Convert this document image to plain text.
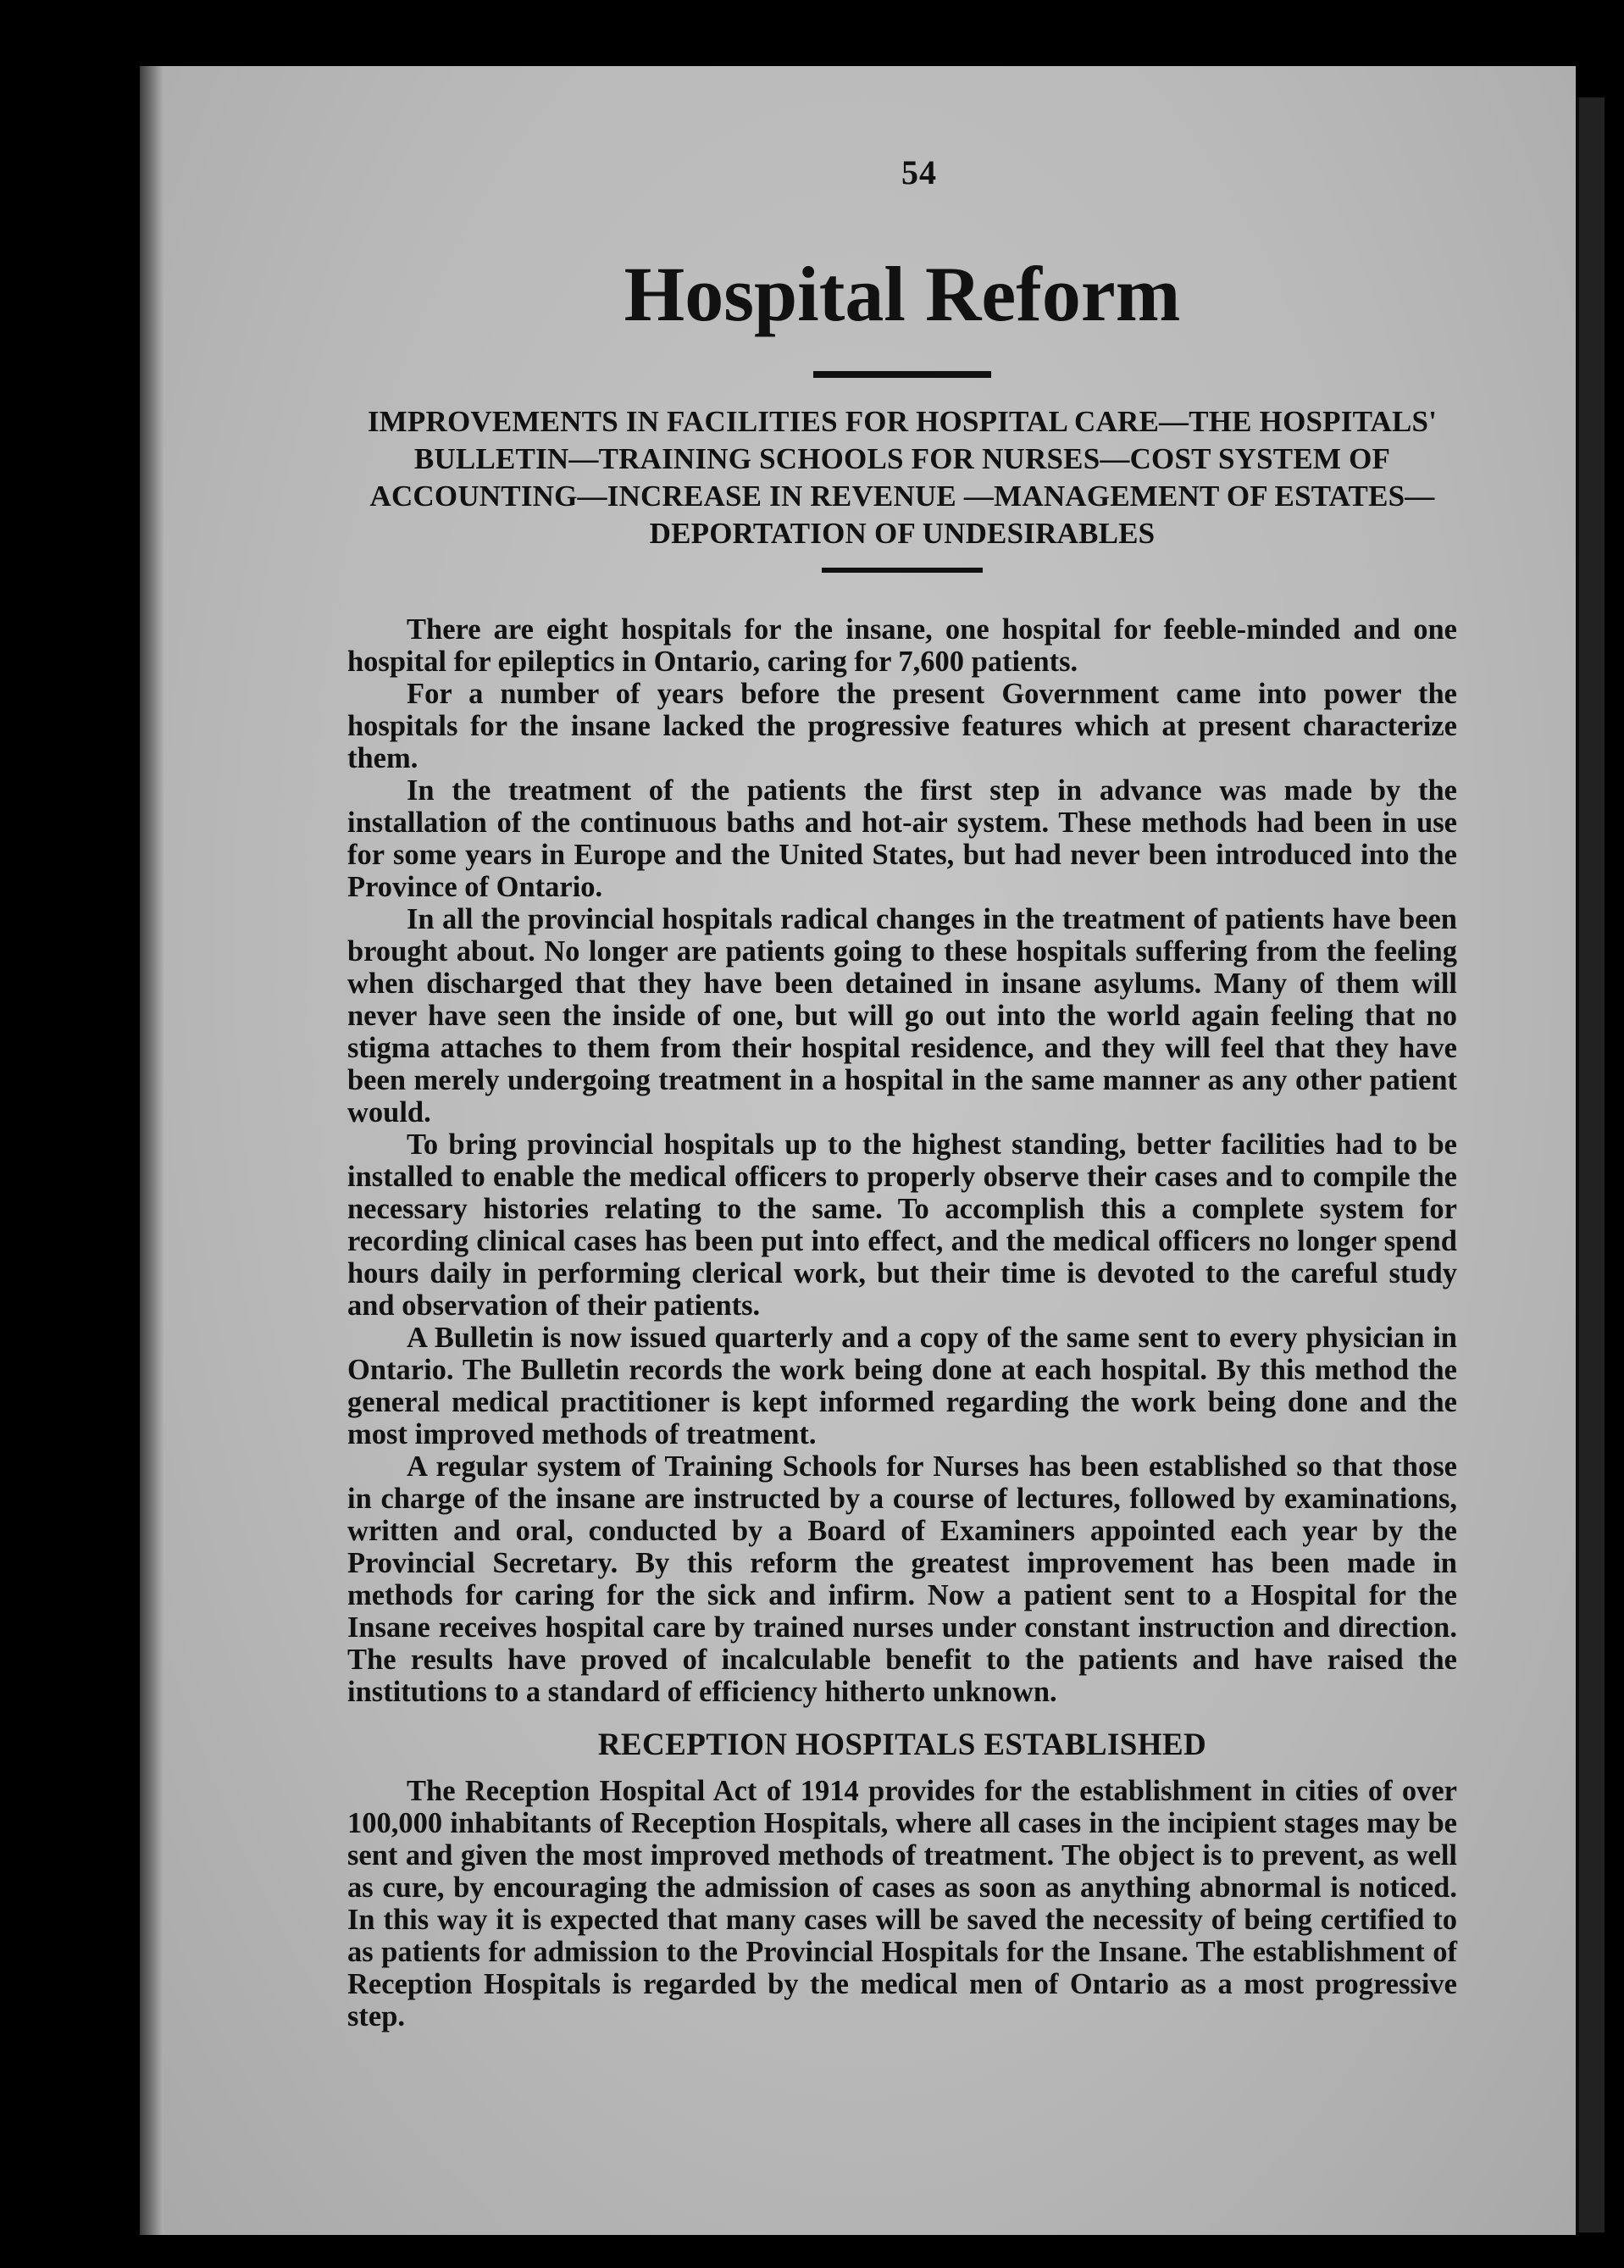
54
Hospital Reform
IMPROVEMENTS IN FACILITIES FOR HOSPITAL CARE—THE HOSPITALS' BULLETIN—TRAINING SCHOOLS FOR NURSES—COST SYSTEM OF ACCOUNTING—INCREASE IN REVENUE —MANAGEMENT OF ESTATES—DEPORTATION OF UNDESIRABLES

There are eight hospitals for the insane, one hospital for feeble-minded and one hospital for epileptics in Ontario, caring for 7,600 patients.

For a number of years before the present Government came into power the hospitals for the insane lacked the progressive features which at present characterize them.

In the treatment of the patients the first step in advance was made by the installation of the continuous baths and hot-air system. These methods had been in use for some years in Europe and the United States, but had never been introduced into the Province of Ontario.

In all the provincial hospitals radical changes in the treatment of patients have been brought about. No longer are patients going to these hospitals suffering from the feeling when discharged that they have been detained in insane asylums. Many of them will never have seen the inside of one, but will go out into the world again feeling that no stigma attaches to them from their hospital residence, and they will feel that they have been merely undergoing treatment in a hospital in the same manner as any other patient would.

To bring provincial hospitals up to the highest standing, better facilities had to be installed to enable the medical officers to properly observe their cases and to compile the necessary histories relating to the same. To accomplish this a complete system for recording clinical cases has been put into effect, and the medical officers no longer spend hours daily in performing clerical work, but their time is devoted to the careful study and observation of their patients.

A Bulletin is now issued quarterly and a copy of the same sent to every physician in Ontario. The Bulletin records the work being done at each hospital. By this method the general medical practitioner is kept informed regarding the work being done and the most improved methods of treatment.

A regular system of Training Schools for Nurses has been established so that those in charge of the insane are instructed by a course of lectures, followed by examinations, written and oral, conducted by a Board of Examiners appointed each year by the Provincial Secretary. By this reform the greatest improvement has been made in methods for caring for the sick and infirm. Now a patient sent to a Hospital for the Insane receives hospital care by trained nurses under constant instruction and direction. The results have proved of incalculable benefit to the patients and have raised the institutions to a standard of efficiency hitherto unknown.

RECEPTION HOSPITALS ESTABLISHED

The Reception Hospital Act of 1914 provides for the establishment in cities of over 100,000 inhabitants of Reception Hospitals, where all cases in the incipient stages may be sent and given the most improved methods of treatment. The object is to prevent, as well as cure, by encouraging the admission of cases as soon as anything abnormal is noticed. In this way it is expected that many cases will be saved the necessity of being certified to as patients for admission to the Provincial Hospitals for the Insane. The establishment of Reception Hospitals is regarded by the medical men of Ontario as a most progressive step.
